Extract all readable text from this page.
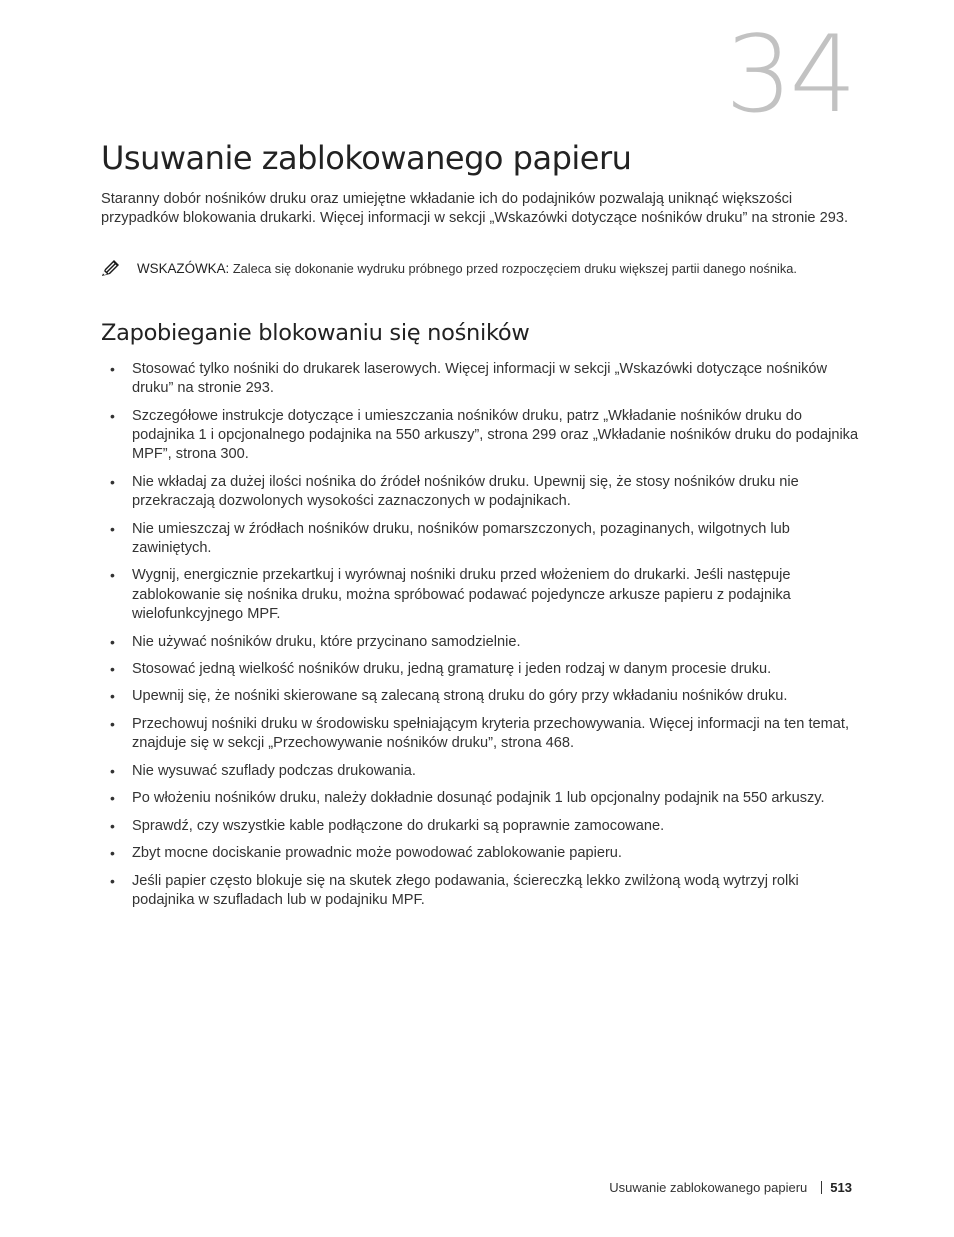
34
Usuwanie zablokowanego papieru

Staranny dobór nośników druku oraz umiejętne wkładanie ich do podajników pozwalają uniknąć większości przypadków blokowania drukarki. Więcej informacji w sekcji „Wskazówki dotyczące nośników druku” na stronie 293.

WSKAZÓWKA: Zaleca się dokonanie wydruku próbnego przed rozpoczęciem druku większej partii danego nośnika.

Zapobieganie blokowaniu się nośników
• Stosować tylko nośniki do drukarek laserowych. Więcej informacji w sekcji „Wskazówki dotyczące nośników druku” na stronie 293.
• Szczegółowe instrukcje dotyczące i umieszczania nośników druku, patrz „Wkładanie nośników druku do podajnika 1 i opcjonalnego podajnika na 550 arkuszy”, strona 299 oraz „Wkładanie nośników druku do podajnika MPF”, strona 300.
• Nie wkładaj za dużej ilości nośnika do źródeł nośników druku. Upewnij się, że stosy nośników druku nie przekraczają dozwolonych wysokości zaznaczonych w podajnikach.
• Nie umieszczaj w źródłach nośników druku, nośników pomarszczonych, pozaginanych, wilgotnych lub zawiniętych.
• Wygnij, energicznie przekartkuj i wyrównaj nośniki druku przed włożeniem do drukarki. Jeśli następuje zablokowanie się nośnika druku, można spróbować podawać pojedyncze arkusze papieru z podajnika wielofunkcyjnego MPF.
• Nie używać nośników druku, które przycinano samodzielnie.
• Stosować jedną wielkość nośników druku, jedną gramaturę i jeden rodzaj w danym procesie druku.
• Upewnij się, że nośniki skierowane są zalecaną stroną druku do góry przy wkładaniu nośników druku.
• Przechowuj nośniki druku w środowisku spełniającym kryteria przechowywania. Więcej informacji na ten temat, znajduje się w sekcji „Przechowywanie nośników druku”, strona 468.
• Nie wysuwać szuflady podczas drukowania.
• Po włożeniu nośników druku, należy dokładnie dosunąć podajnik 1 lub opcjonalny podajnik na 550 arkuszy.
• Sprawdź, czy wszystkie kable podłączone do drukarki są poprawnie zamocowane.
• Zbyt mocne dociskanie prowadnic może powodować zablokowanie papieru.
• Jeśli papier często blokuje się na skutek złego podawania, ściereczką lekko zwilżoną wodą wytrzyj rolki podajnika w szufladach lub w podajniku MPF.
Usuwanie zablokowanego papieru 513
